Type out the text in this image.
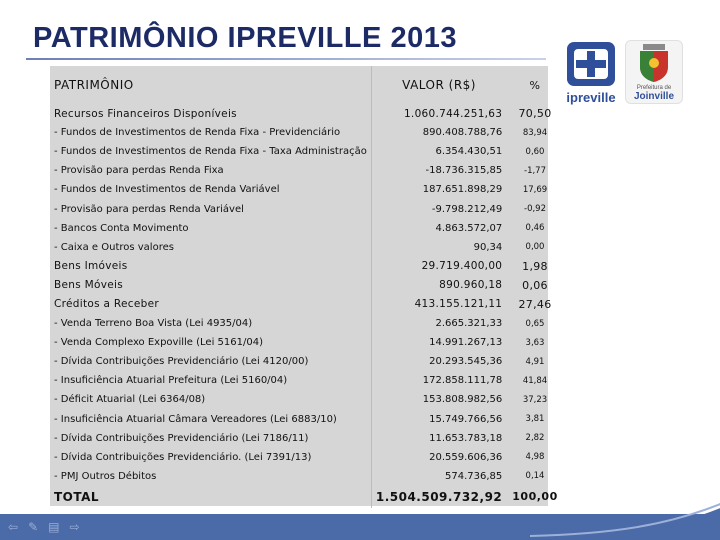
PATRIMÔNIO IPREVILLE 2013
PATRIMÔNIO	VALOR (R$)	%
Recursos Financeiros Disponíveis	1.060.744.251,63	70,50
- Fundos de Investimentos de Renda Fixa - Previdenciário	890.408.788,76	83,94
- Fundos de Investimentos de Renda Fixa - Taxa Administração	6.354.430,51	0,60
- Provisão para perdas Renda Fixa	-18.736.315,85	-1,77
- Fundos de Investimentos de Renda Variável	187.651.898,29	17,69
- Provisão para perdas Renda Variável	-9.798.212,49	-0,92
- Bancos Conta Movimento	4.863.572,07	0,46
- Caixa e Outros valores	90,34	0,00
Bens Imóveis	29.719.400,00	1,98
Bens Móveis	890.960,18	0,06
Créditos a Receber	413.155.121,11	27,46
- Venda Terreno Boa Vista (Lei 4935/04)	2.665.321,33	0,65
- Venda Complexo Expoville (Lei 5161/04)	14.991.267,13	3,63
- Dívida Contribuições Previdenciário (Lei 4120/00)	20.293.545,36	4,91
- Insuficiência Atuarial Prefeitura (Lei 5160/04)	172.858.111,78	41,84
- Déficit Atuarial (Lei 6364/08)	153.808.982,56	37,23
- Insuficiência Atuarial Câmara Vereadores (Lei 6883/10)	15.749.766,56	3,81
- Dívida Contribuições Previdenciário (Lei 7186/11)	11.653.783,18	2,82
- Dívida Contribuições Previdenciário. (Lei 7391/13)	20.559.606,36	4,98
- PMJ Outros Débitos	574.736,85	0,14
TOTAL	1.504.509.732,92	100,00
ipreville
Prefeitura de
Joinville
⇦ ✎ ▤ ⇨
